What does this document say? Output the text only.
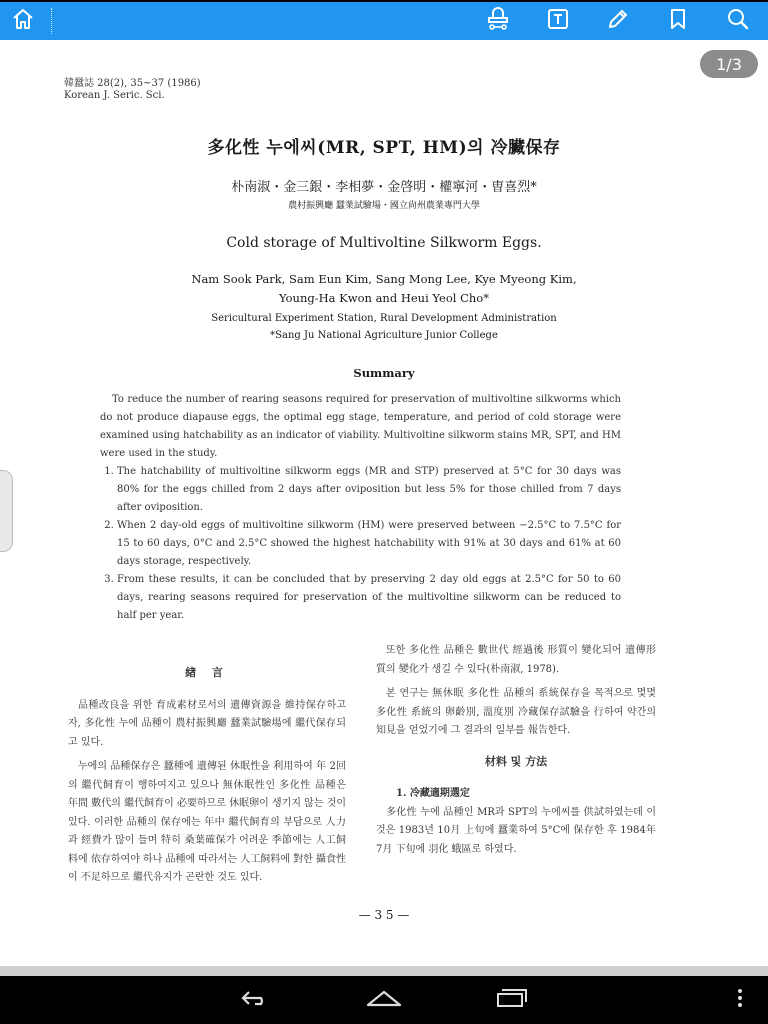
1/3
韓蠶誌 28(2), 35~37 (1986)
Korean J. Seric. Sci.
多化性 누에씨(MR, SPT, HM)의 冷臟保存
朴南淑・金三銀・李相夢・金啓明・權寧河・曺喜烈*
農村振興廳 蠶業試驗場・國立尙州農業專門大學
Cold storage of Multivoltine Silkworm Eggs.
Nam Sook Park, Sam Eun Kim, Sang Mong Lee, Kye Myeong Kim,
Young-Ha Kwon and Heui Yeol Cho*
Sericultural Experiment Station, Rural Development Administration
*Sang Ju National Agriculture Junior College
Summary

To reduce the number of rearing seasons required for preservation of multivoltine silkworms which do not produce diapause eggs, the optimal egg stage, temperature, and period of cold storage were examined using hatchability as an indicator of viability. Multivoltine silkworm stains MR, SPT, and HM were used in the study.

1. The hatchability of multivoltine silkworm eggs (MR and STP) preserved at 5°C for 30 days was 80% for the eggs chilled from 2 days after oviposition but less 5% for those chilled from 7 days after oviposition.
2. When 2 day-old eggs of multivoltine silkworm (HM) were preserved between −2.5°C to 7.5°C for 15 to 60 days, 0°C and 2.5°C showed the highest hatchability with 91% at 30 days and 61% at 60 days storage, respectively.
3. From these results, it can be concluded that by preserving 2 day old eggs at 2.5°C for 50 to 60 days, rearing seasons required for preservation of the multivoltine silkworm can be reduced to half per year.
緖 言

品種改良을 위한 育成素材로서의 遺傳資源을 維持保存하고자, 多化性 누에 品種이 農村振興廳 蠶業試驗場에 繼代保存되고 있다.

누에의 品種保存은 蠶種에 遺傳된 休眠性을 利用하여 年 2回의 繼代飼育이 행하여지고 있으나 無休眠性인 多化性 品種은 年間 數代의 繼代飼育이 必要하므로 休眠卵이 생기지 않는 것이 있다. 이러한 品種의 保存에는 年中 繼代飼育의 부담으로 人力과 經費가 많이 들며 特히 桑葉確保가 어려운 季節에는 人工飼料에 依存하여야 하나 品種에 따라서는 人工飼料에 對한 攝食性이 不足하므로 繼代유지가 곤란한 것도 있다.

또한 多化性 品種은 數世代 經過後 形質이 變化되어 遺傳形質의 變化가 생길 수 있다(朴南淑, 1978).

본 연구는 無休眠 多化性 品種의 系統保存을 목적으로 몇몇 多化性 系統의 卵齡別, 溫度別 冷藏保存試驗을 行하여 약간의 知見을 얻었기에 그 결과의 일부를 報告한다.

材料 및 方法
1. 冷藏適期選定

多化性 누에 品種인 MR과 SPT의 누에씨를 供試하였는데 이것은 1983년 10月 上旬에 蠶業하여 5°C에 保存한 후 1984年 7月 下旬에 羽化 蛾區로 하였다.

— 3 5 —
